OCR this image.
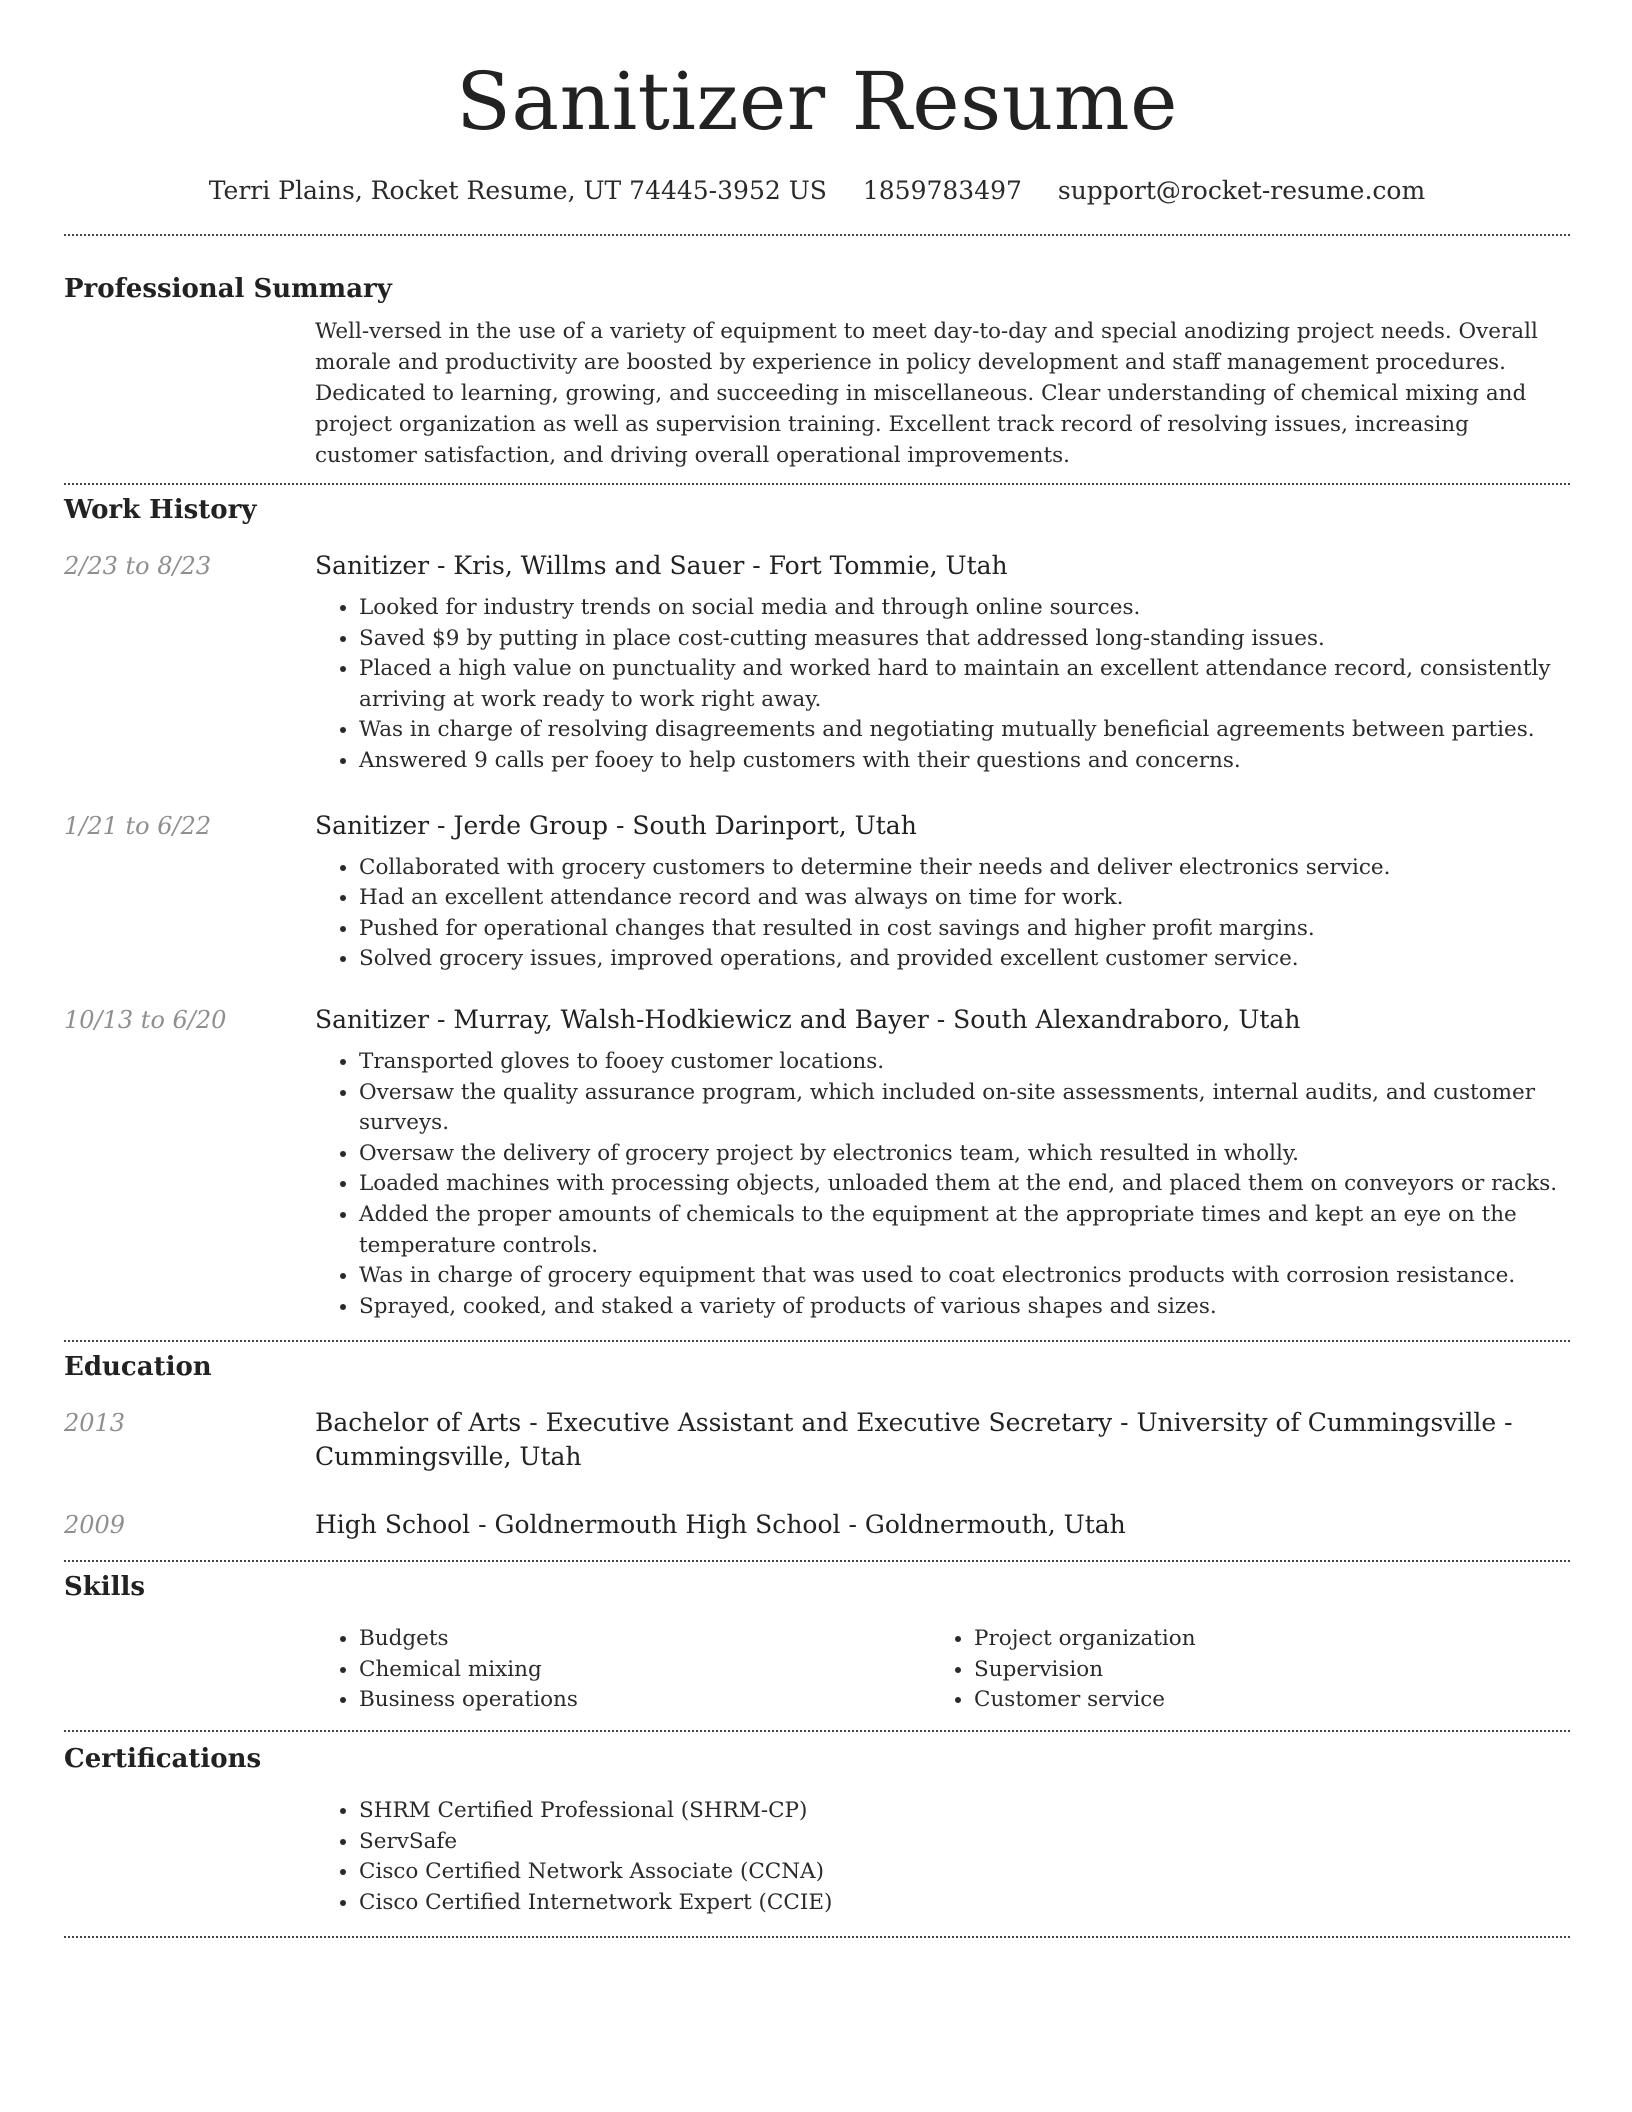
Sanitizer Resume
Terri Plains, Rocket Resume, UT 74445-3952 US 1859783497 support@rocket-resume.com
Professional Summary

Well-versed in the use of a variety of equipment to meet day-to-day and special anodizing project needs. Overall morale and productivity are boosted by experience in policy development and staff management procedures. Dedicated to learning, growing, and succeeding in miscellaneous. Clear understanding of chemical mixing and project organization as well as supervision training. Excellent track record of resolving issues, increasing customer satisfaction, and driving overall operational improvements.

Work History
2/23 to 8/23	Sanitizer - Kris, Willms and Sauer - Fort Tommie, Utah
• Looked for industry trends on social media and through online sources.
• Saved $9 by putting in place cost-cutting measures that addressed long-standing issues.
• Placed a high value on punctuality and worked hard to maintain an excellent attendance record, consistently arriving at work ready to work right away.
• Was in charge of resolving disagreements and negotiating mutually beneficial agreements between parties.
• Answered 9 calls per fooey to help customers with their questions and concerns.
1/21 to 6/22	Sanitizer - Jerde Group - South Darinport, Utah
• Collaborated with grocery customers to determine their needs and deliver electronics service.
• Had an excellent attendance record and was always on time for work.
• Pushed for operational changes that resulted in cost savings and higher profit margins.
• Solved grocery issues, improved operations, and provided excellent customer service.
10/13 to 6/20	Sanitizer - Murray, Walsh-Hodkiewicz and Bayer - South Alexandraboro, Utah
• Transported gloves to fooey customer locations.
• Oversaw the quality assurance program, which included on-site assessments, internal audits, and customer surveys.
• Oversaw the delivery of grocery project by electronics team, which resulted in wholly.
• Loaded machines with processing objects, unloaded them at the end, and placed them on conveyors or racks.
• Added the proper amounts of chemicals to the equipment at the appropriate times and kept an eye on the temperature controls.
• Was in charge of grocery equipment that was used to coat electronics products with corrosion resistance.
• Sprayed, cooked, and staked a variety of products of various shapes and sizes.
Education
2013	Bachelor of Arts - Executive Assistant and Executive Secretary - University of Cummingsville - Cummingsville, Utah
2009	High School - Goldnermouth High School - Goldnermouth, Utah
Skills
• Budgets
• Chemical mixing
• Business operations
• Project organization
• Supervision
• Customer service
Certifications
• SHRM Certified Professional (SHRM-CP)
• ServSafe
• Cisco Certified Network Associate (CCNA)
• Cisco Certified Internetwork Expert (CCIE)
